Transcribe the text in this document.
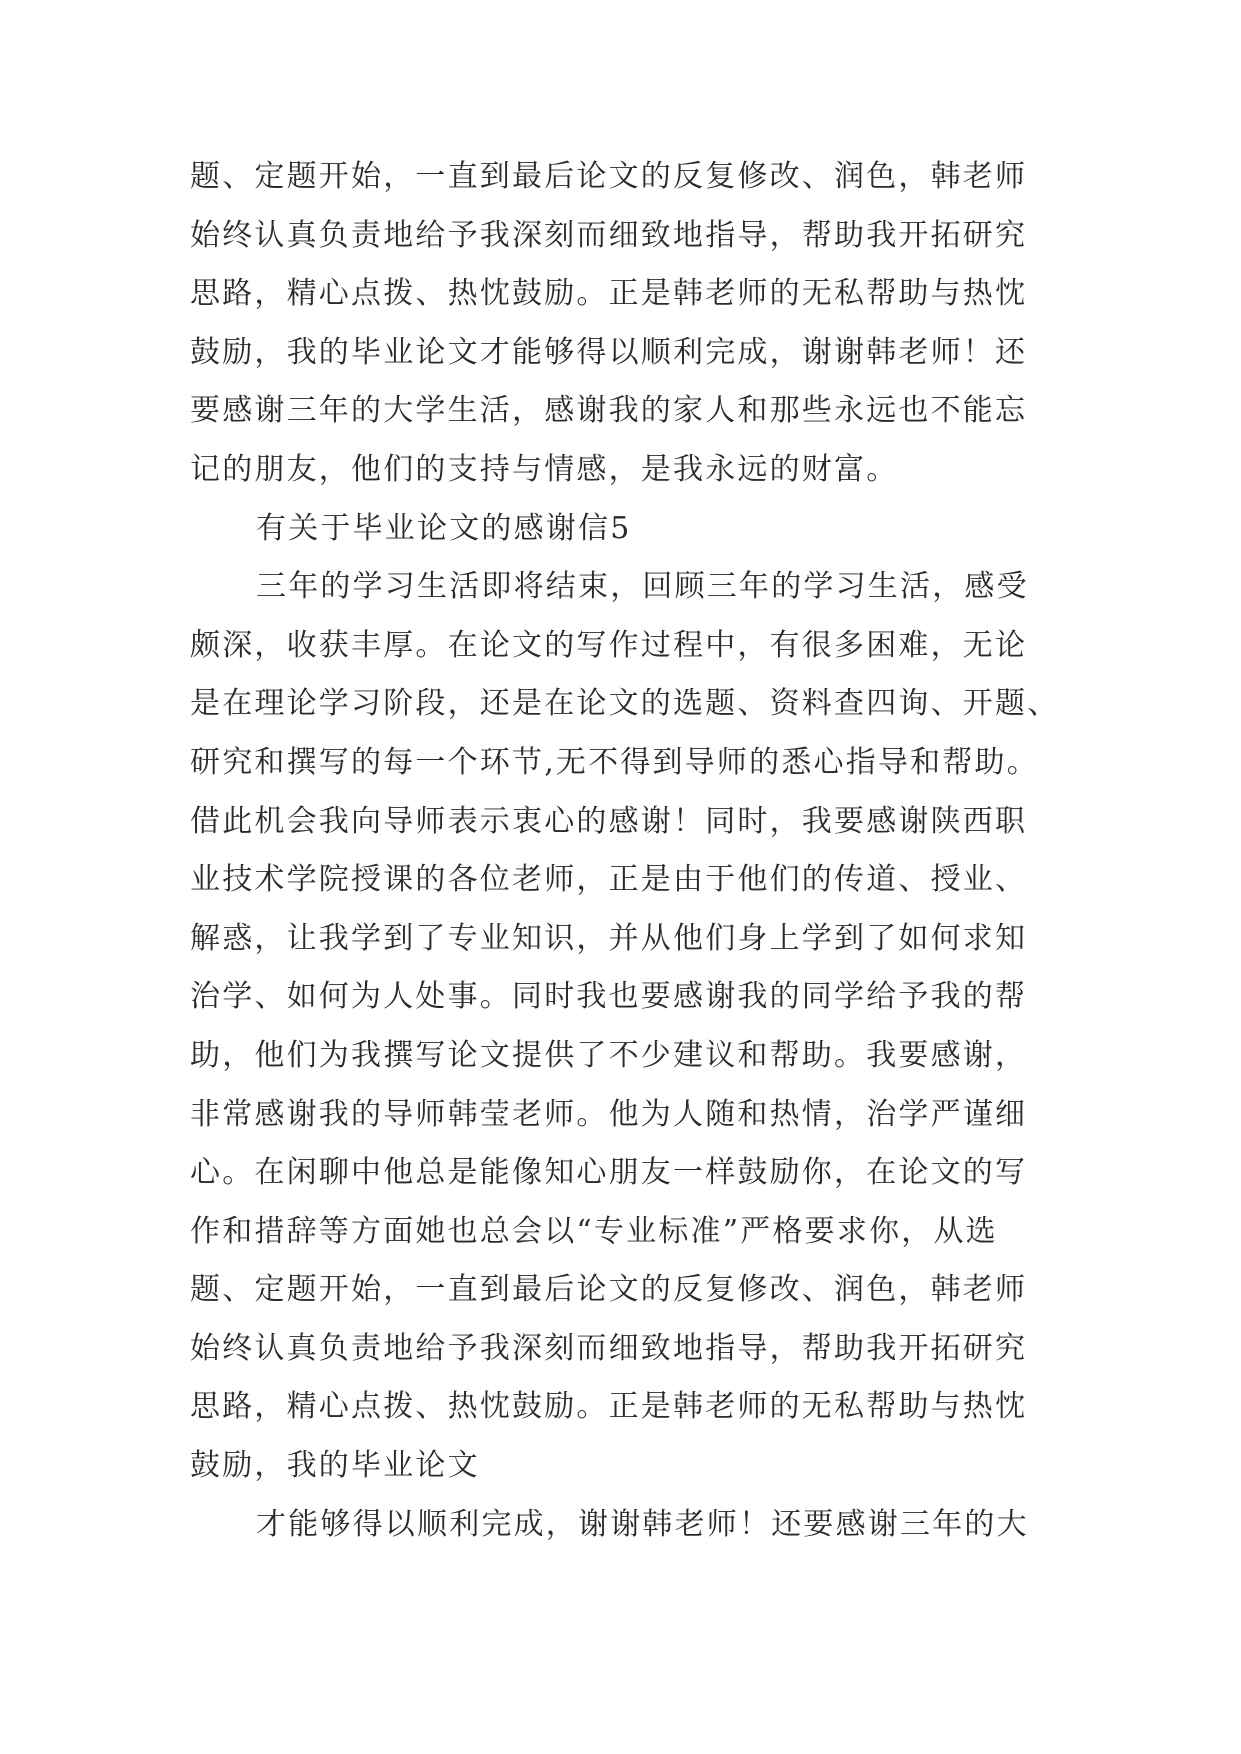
题、定题开始，一直到最后论文的反复修改、润色，韩老师
始终认真负责地给予我深刻而细致地指导，帮助我开拓研究
思路，精心点拨、热忱鼓励。正是韩老师的无私帮助与热忱
鼓励，我的毕业论文才能够得以顺利完成，谢谢韩老师！还
要感谢三年的大学生活，感谢我的家人和那些永远也不能忘
记的朋友，他们的支持与情感，是我永远的财富。
有关于毕业论文的感谢信5
三年的学习生活即将结束，回顾三年的学习生活，感受
颇深，收获丰厚。在论文的写作过程中，有很多困难，无论
是在理论学习阶段，还是在论文的选题、资料查四询、开题、
研究和撰写的每一个环节,无不得到导师的悉心指导和帮助。
借此机会我向导师表示衷心的感谢！同时，我要感谢陕西职
业技术学院授课的各位老师，正是由于他们的传道、授业、
解惑，让我学到了专业知识，并从他们身上学到了如何求知
治学、如何为人处事。同时我也要感谢我的同学给予我的帮
助，他们为我撰写论文提供了不少建议和帮助。我要感谢，
非常感谢我的导师韩莹老师。他为人随和热情，治学严谨细
心。在闲聊中他总是能像知心朋友一样鼓励你，在论文的写
作和措辞等方面她也总会以“专业标准”严格要求你，从选
题、定题开始，一直到最后论文的反复修改、润色，韩老师
始终认真负责地给予我深刻而细致地指导，帮助我开拓研究
思路，精心点拨、热忱鼓励。正是韩老师的无私帮助与热忱
鼓励，我的毕业论文
才能够得以顺利完成，谢谢韩老师！还要感谢三年的大
